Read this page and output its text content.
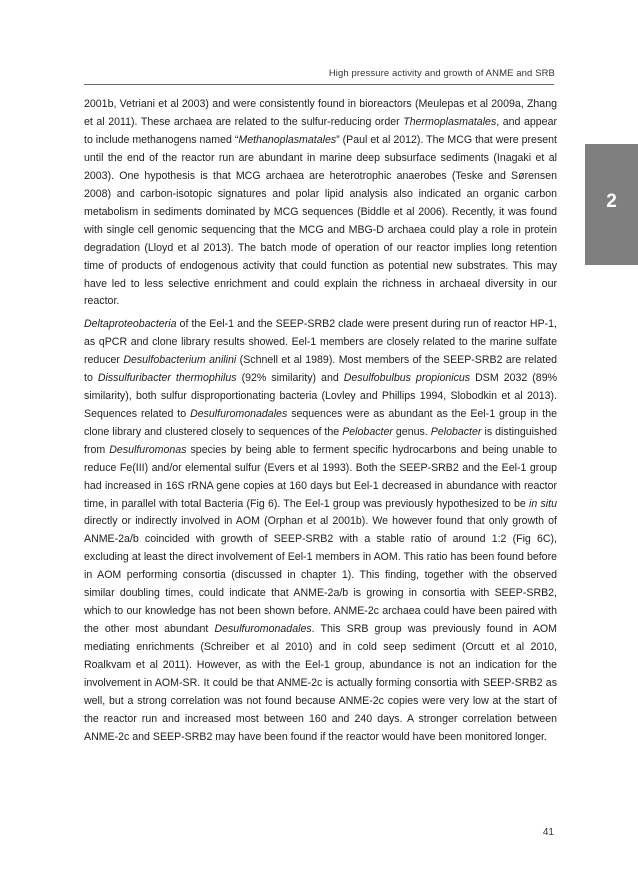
High pressure activity and growth of ANME and SRB
2

2001b, Vetriani et al 2003) and were consistently found in bioreactors (Meulepas et al 2009a, Zhang et al 2011). These archaea are related to the sulfur-reducing order Thermoplasmatales, and appear to include methanogens named “Methanoplasmatales” (Paul et al 2012). The MCG that were present until the end of the reactor run are abundant in marine deep subsurface sediments (Inagaki et al 2003). One hypothesis is that MCG archaea are heterotrophic anaerobes (Teske and Sørensen 2008) and carbon-isotopic signatures and polar lipid analysis also indicated an organic carbon metabolism in sediments dominated by MCG sequences (Biddle et al 2006). Recently, it was found with single cell genomic sequencing that the MCG and MBG-D archaea could play a role in protein degradation (Lloyd et al 2013). The batch mode of operation of our reactor implies long retention time of products of endogenous activity that could function as potential new substrates. This may have led to less selective enrichment and could explain the richness in archaeal diversity in our reactor.

Deltaproteobacteria of the Eel-1 and the SEEP-SRB2 clade were present during run of reactor HP-1, as qPCR and clone library results showed. Eel-1 members are closely related to the marine sulfate reducer Desulfobacterium anilini (Schnell et al 1989). Most members of the SEEP-SRB2 are related to Dissulfuribacter thermophilus (92% similarity) and Desulfobulbus propionicus DSM 2032 (89% similarity), both sulfur disproportionating bacteria (Lovley and Phillips 1994, Slobodkin et al 2013). Sequences related to Desulfuromonadales sequences were as abundant as the Eel-1 group in the clone library and clustered closely to sequences of the Pelobacter genus. Pelobacter is distinguished from Desulfuromonas species by being able to ferment specific hydrocarbons and being unable to reduce Fe(III) and/or elemental sulfur (Evers et al 1993). Both the SEEP-SRB2 and the Eel-1 group had increased in 16S rRNA gene copies at 160 days but Eel-1 decreased in abundance with reactor time, in parallel with total Bacteria (Fig 6). The Eel-1 group was previously hypothesized to be in situ directly or indirectly involved in AOM (Orphan et al 2001b). We however found that only growth of ANME-2a/b coincided with growth of SEEP-SRB2 with a stable ratio of around 1:2 (Fig 6C), excluding at least the direct involvement of Eel-1 members in AOM. This ratio has been found before in AOM performing consortia (discussed in chapter 1). This finding, together with the observed similar doubling times, could indicate that ANME-2a/b is growing in consortia with SEEP-SRB2, which to our knowledge has not been shown before. ANME-2c archaea could have been paired with the other most abundant Desulfuromonadales. This SRB group was previously found in AOM mediating enrichments (Schreiber et al 2010) and in cold seep sediment (Orcutt et al 2010, Roalkvam et al 2011). However, as with the Eel-1 group, abundance is not an indication for the involvement in AOM-SR. It could be that ANME-2c is actually forming consortia with SEEP-SRB2 as well, but a strong correlation was not found because ANME-2c copies were very low at the start of the reactor run and increased most between 160 and 240 days. A stronger correlation between ANME-2c and SEEP-SRB2 may have been found if the reactor would have been monitored longer.

41
